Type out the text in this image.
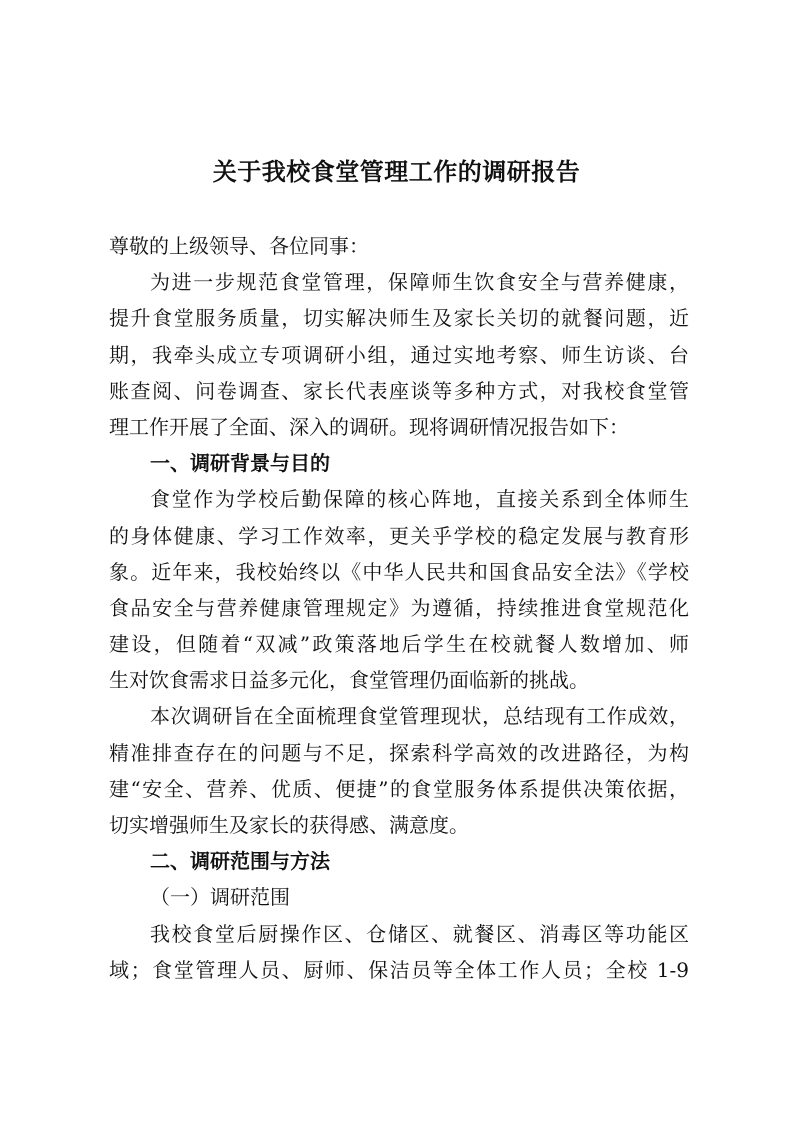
关于我校食堂管理工作的调研报告
尊敬的上级领导、各位同事：
为进一步规范食堂管理，保障师生饮食安全与营养健康，
提升食堂服务质量，切实解决师生及家长关切的就餐问题，近
期，我牵头成立专项调研小组，通过实地考察、师生访谈、台
账查阅、问卷调查、家长代表座谈等多种方式，对我校食堂管
理工作开展了全面、深入的调研。现将调研情况报告如下：
一、调研背景与目的
食堂作为学校后勤保障的核心阵地，直接关系到全体师生
的身体健康、学习工作效率，更关乎学校的稳定发展与教育形
象。近年来，我校始终以《中华人民共和国食品安全法》《学校
食品安全与营养健康管理规定》为遵循，持续推进食堂规范化
建设，但随着“双减”政策落地后学生在校就餐人数增加、师
生对饮食需求日益多元化，食堂管理仍面临新的挑战。
本次调研旨在全面梳理食堂管理现状，总结现有工作成效，
精准排查存在的问题与不足，探索科学高效的改进路径，为构
建“安全、营养、优质、便捷”的食堂服务体系提供决策依据，
切实增强师生及家长的获得感、满意度。
二、调研范围与方法
（一）调研范围
我校食堂后厨操作区、仓储区、就餐区、消毒区等功能区
域；食堂管理人员、厨师、保洁员等全体工作人员；全校 1-9
